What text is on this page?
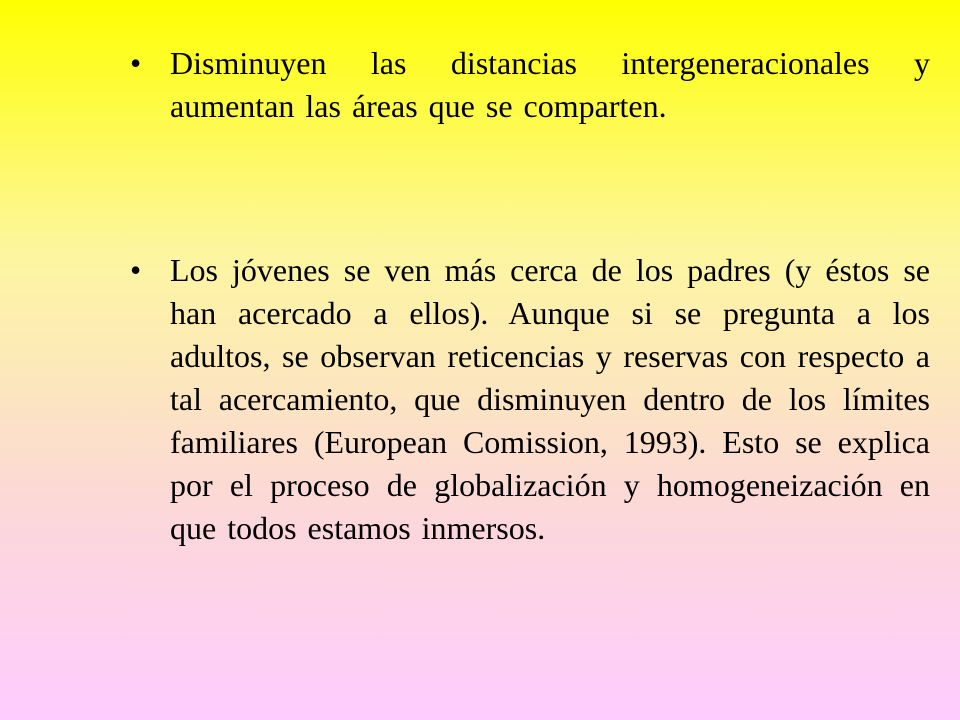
• Disminuyen las distancias intergeneracionales y aumentan las áreas que se comparten.
• Los jóvenes se ven más cerca de los padres (y éstos se han acercado a ellos). Aunque si se pregunta a los adultos, se observan reticencias y reservas con respecto a tal acercamiento, que disminuyen dentro de los límites familiares (European Comission, 1993). Esto se explica por el proceso de globalización y homogeneización en que todos estamos inmersos.
